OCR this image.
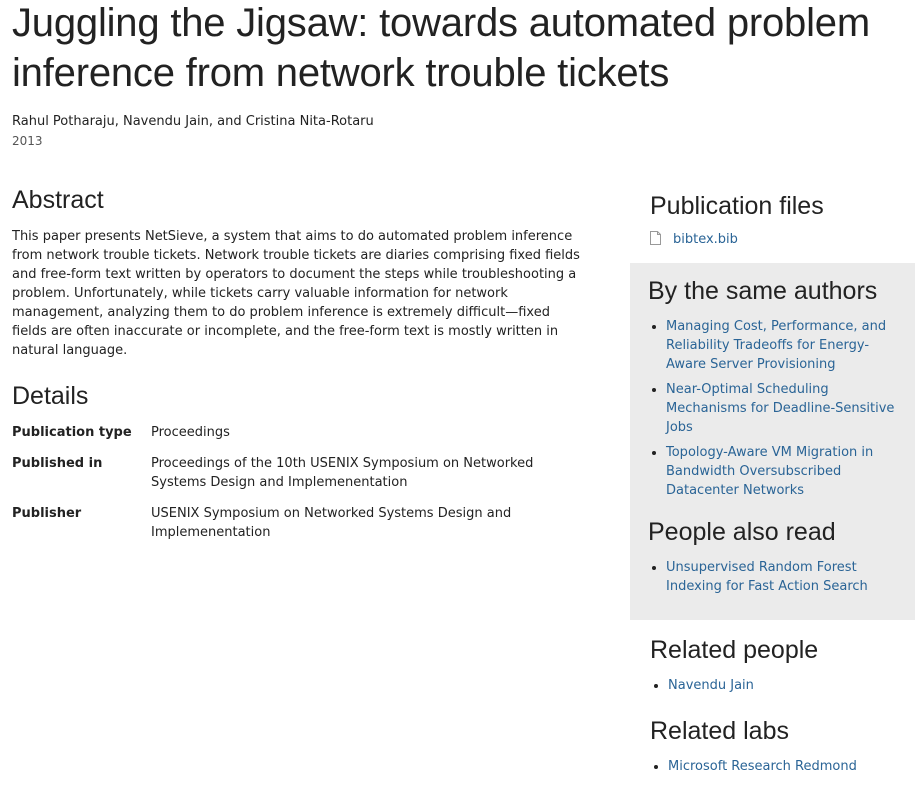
Juggling the Jigsaw: towards automated problem inference from network trouble tickets
Rahul Potharaju, Navendu Jain, and Cristina Nita-Rotaru
2013
Abstract

This paper presents NetSieve, a system that aims to do automated problem inference from network trouble tickets. Network trouble tickets are diaries comprising fixed fields and free-form text written by operators to document the steps while troubleshooting a problem. Unfortunately, while tickets carry valuable information for network management, analyzing them to do problem inference is extremely difficult—fixed fields are often inaccurate or incomplete, and the free-form text is mostly written in natural language.

Details
Publication type	Proceedings
Published in	Proceedings of the 10th USENIX Symposium on Networked Systems Design and Implemenentation
Publisher	USENIX Symposium on Networked Systems Design and Implemenentation
Publication files
bibtex.bib
By the same authors
• Managing Cost, Performance, and Reliability Tradeoffs for Energy-Aware Server Provisioning
• Near-Optimal Scheduling Mechanisms for Deadline-Sensitive Jobs
• Topology-Aware VM Migration in Bandwidth Oversubscribed Datacenter Networks
People also read
• Unsupervised Random Forest Indexing for Fast Action Search
Related people
• Navendu Jain
Related labs
• Microsoft Research Redmond
